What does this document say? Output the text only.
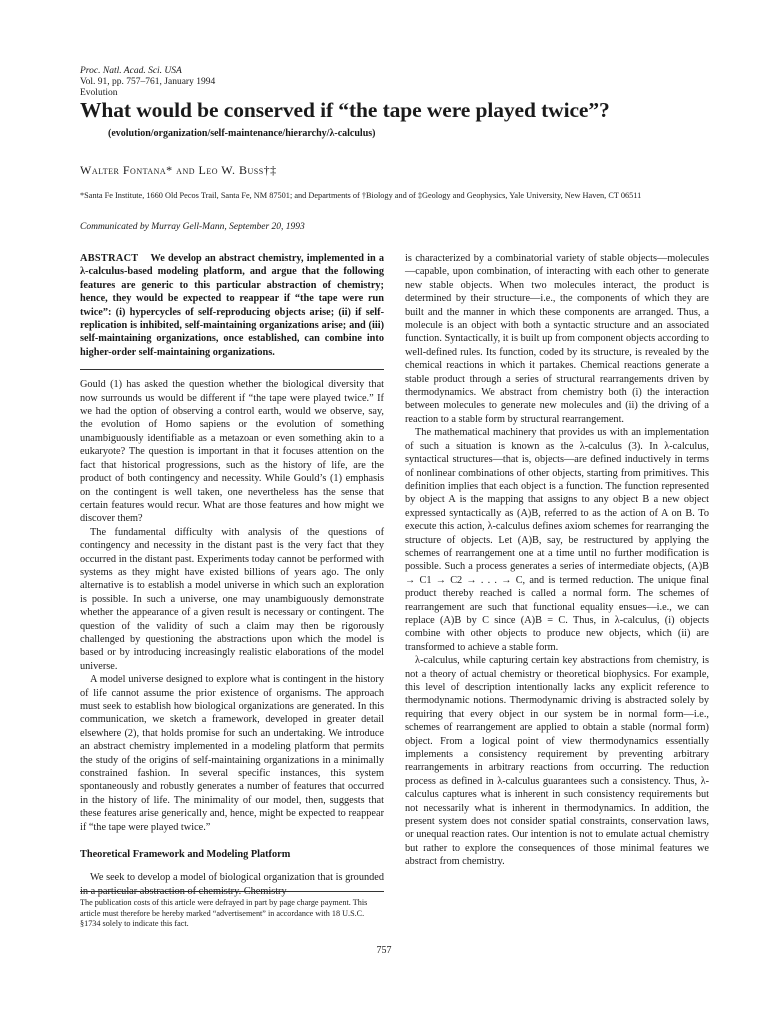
Proc. Natl. Acad. Sci. USA
Vol. 91, pp. 757–761, January 1994
Evolution
What would be conserved if “the tape were played twice”?
(evolution/organization/self-maintenance/hierarchy/λ-calculus)
Walter Fontana* and Leo W. Buss†‡
*Santa Fe Institute, 1660 Old Pecos Trail, Santa Fe, NM 87501; and Departments of †Biology and of ‡Geology and Geophysics, Yale University, New Haven, CT 06511
Communicated by Murray Gell-Mann, September 20, 1993
ABSTRACT We develop an abstract chemistry, implemented in a λ-calculus-based modeling platform, and argue that the following features are generic to this particular abstraction of chemistry; hence, they would be expected to reappear if “the tape were run twice”: (i) hypercycles of self-reproducing objects arise; (ii) if self-replication is inhibited, self-maintaining organizations arise; and (iii) self-maintaining organizations, once established, can combine into higher-order self-maintaining organizations.

Gould (1) has asked the question whether the biological diversity that now surrounds us would be different if “the tape were played twice.” If we had the option of observing a control earth, would we observe, say, the evolution of Homo sapiens or the evolution of something unambiguously identifiable as a metazoan or even something akin to a eukaryote? The question is important in that it focuses attention on the fact that historical progressions, such as the history of life, are the product of both contingency and necessity. While Gould’s (1) emphasis on the contingent is well taken, one nevertheless has the sense that certain features would recur. What are those features and how might we discover them?

The fundamental difficulty with analysis of the questions of contingency and necessity in the distant past is the very fact that they occurred in the distant past. Experiments today cannot be performed with systems as they might have existed billions of years ago. The only alternative is to establish a model universe in which such an exploration is possible. In such a universe, one may unambiguously demonstrate whether the appearance of a given result is necessary or contingent. The question of the validity of such a claim may then be rigorously challenged by questioning the abstractions upon which the model is based or by introducing increasingly realistic elaborations of the model universe.

A model universe designed to explore what is contingent in the history of life cannot assume the prior existence of organisms. The approach must seek to establish how biological organizations are generated. In this communication, we sketch a framework, developed in greater detail elsewhere (2), that holds promise for such an undertaking. We introduce an abstract chemistry implemented in a modeling platform that permits the study of the origins of self-maintaining organizations in a minimally constrained fashion. In several specific instances, this system spontaneously and robustly generates a number of features that occurred in the history of life. The minimality of our model, then, suggests that these features arise generically and, hence, might be expected to reappear if “the tape were played twice.”

Theoretical Framework and Modeling Platform

We seek to develop a model of biological organization that is grounded in a particular abstraction of chemistry. Chemistry

is characterized by a combinatorial variety of stable objects—molecules—capable, upon combination, of interacting with each other to generate new stable objects. When two molecules interact, the product is determined by their structure—i.e., the components of which they are built and the manner in which these components are arranged. Thus, a molecule is an object with both a syntactic structure and an associated function. Syntactically, it is built up from component objects according to well-defined rules. Its function, coded by its structure, is revealed by the chemical reactions in which it partakes. Chemical reactions generate a stable product through a series of structural rearrangements driven by thermodynamics. We abstract from chemistry both (i) the interaction between molecules to generate new molecules and (ii) the driving of a reaction to a stable form by structural rearrangement.

The mathematical machinery that provides us with an implementation of such a situation is known as the λ-calculus (3). In λ-calculus, syntactical structures—that is, objects—are defined inductively in terms of nonlinear combinations of other objects, starting from primitives. This definition implies that each object is a function. The function represented by object A is the mapping that assigns to any object B a new object expressed syntactically as (A)B, referred to as the action of A on B. To execute this action, λ-calculus defines axiom schemes for rearranging the structure of objects. Let (A)B, say, be restructured by applying the schemes of rearrangement one at a time until no further modification is possible. Such a process generates a series of intermediate objects, (A)B → C1 → C2 → . . . → C, and is termed reduction. The unique final product thereby reached is called a normal form. The schemes of rearrangement are such that functional equality ensues—i.e., we can replace (A)B by C since (A)B = C. Thus, in λ-calculus, (i) objects combine with other objects to produce new objects, which (ii) are transformed to achieve a stable form.

λ-calculus, while capturing certain key abstractions from chemistry, is not a theory of actual chemistry or theoretical biophysics. For example, this level of description intentionally lacks any explicit reference to thermodynamic notions. Thermodynamic driving is abstracted solely by requiring that every object in our system be in normal form—i.e., schemes of rearrangement are applied to obtain a stable (normal form) object. From a logical point of view thermodynamics essentially implements a consistency requirement by preventing arbitrary rearrangements in arbitrary reactions from occurring. The reduction process as defined in λ-calculus guarantees such a consistency. Thus, λ-calculus captures what is inherent in such consistency requirements but not necessarily what is inherent in thermodynamics. In addition, the present system does not consider spatial constraints, conservation laws, or unequal reaction rates. Our intention is not to emulate actual chemistry but rather to explore the consequences of those minimal features we abstract from chemistry.

The publication costs of this article were defrayed in part by page charge payment. This article must therefore be hereby marked “advertisement” in accordance with 18 U.S.C. §1734 solely to indicate this fact.
757
